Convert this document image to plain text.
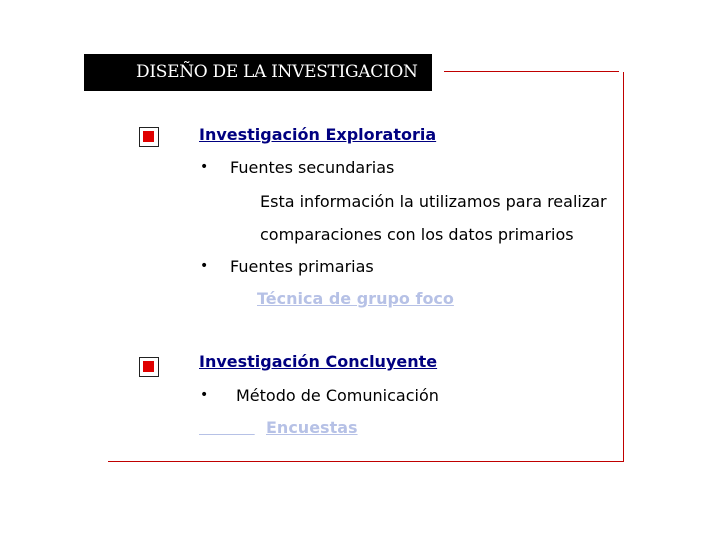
DISEÑO DE LA INVESTIGACION
Investigación Exploratoria
• Fuentes secundarias
Esta información la utilizamos para realizar
comparaciones con los datos primarios
• Fuentes primarias
Técnica de grupo foco
Investigación Concluyente
• Método de Comunicación

Encuestas
